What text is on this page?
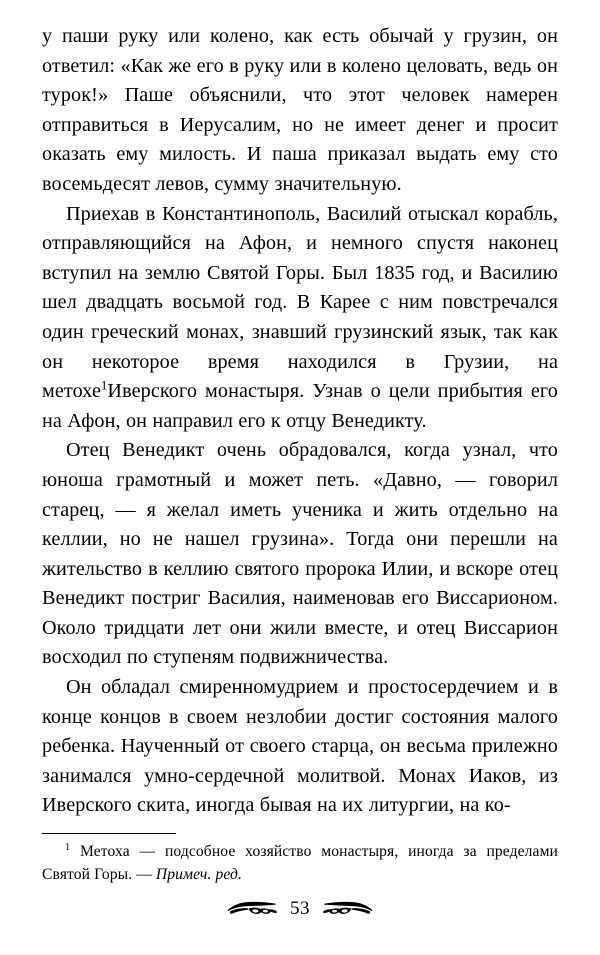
у паши руку или колено, как есть обычай у грузин, он ответил: «Как же его в руку или в колено целовать, ведь он турок!» Паше объяснили, что этот человек намерен отправиться в Иерусалим, но не имеет денег и просит оказать ему милость. И паша приказал выдать ему сто восемьдесят левов, сумму значительную.

Приехав в Константинополь, Василий отыскал корабль, отправляющийся на Афон, и немного спустя наконец вступил на землю Святой Горы. Был 1835 год, и Василию шел двадцать восьмой год. В Карее с ним повстречался один греческий монах, знавший грузинский язык, так как он некоторое время находился в Грузии, на метохе$^1$Иверского монастыря. Узнав о цели прибытия его на Афон, он направил его к отцу Венедикту.

Отец Венедикт очень обрадовался, когда узнал, что юноша грамотный и может петь. «Давно, — говорил старец, — я желал иметь ученика и жить отдельно на келлии, но не нашел грузина». Тогда они перешли на жительство в келлию святого пророка Илии, и вскоре отец Венедикт постриг Василия, наименовав его Виссарионом. Около тридцати лет они жили вместе, и отец Виссарион восходил по ступеням подвижничества.

Он обладал смиренномудрием и простосердечием и в конце концов в своем незлобии достиг состояния малого ребенка. Наученный от своего старца, он весьма прилежно занимался умно-сердечной молитвой. Монах Иаков, из Иверского скита, иногда бывая на их литургии, на ко-

$^1$ Метоха — подсобное хозяйство монастыря, иногда за пределами Святой Горы. — Примеч. ред.

53
